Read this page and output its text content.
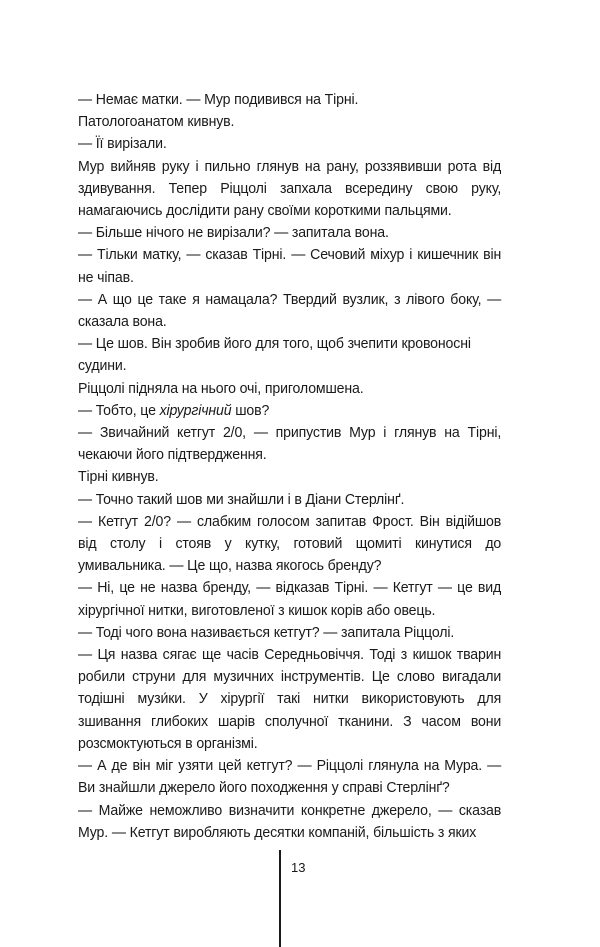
— Немає матки. — Мур подивився на Тірні.

Патологоанатом кивнув.

— Її вирізали.

Мур вийняв руку і пильно глянув на рану, роззявивши рота від здивування. Тепер Ріццолі запхала всередину свою руку, намагаючись дослідити рану своїми короткими пальцями.

— Більше нічого не вирізали? — запитала вона.

— Тільки матку, — сказав Тірні. — Сечовий міхур і кишечник він не чіпав.

— А що це таке я намацала? Твердий вузлик, з лівого боку, — сказала вона.

— Це шов. Він зробив його для того, щоб зчепити кровоносні судини.

Ріццолі підняла на нього очі, приголомшена.

— Тобто, це хірургічний шов?

— Звичайний кетгут 2/0, — припустив Мур і глянув на Тірні, чекаючи його підтвердження.

Тірні кивнув.

— Точно такий шов ми знайшли і в Діани Стерлінґ.

— Кетгут 2/0? — слабким голосом запитав Фрост. Він відійшов від столу і стояв у кутку, готовий щомиті кинутися до умивальника. — Це що, назва якогось бренду?

— Ні, це не назва бренду, — відказав Тірні. — Кетгут — це вид хірургічної нитки, виготовленої з кишок корів або овець.

— Тоді чого вона називається кетгут? — запитала Ріццолі.

— Ця назва сягає ще часів Середньовіччя. Тоді з кишок тварин робили струни для музичних інструментів. Це слово вигадали тодішні музи́ки. У хірургії такі нитки використовують для зшивання глибоких шарів сполучної тканини. З часом вони розсмоктуються в організмі.

— А де він міг узяти цей кетгут? — Ріццолі глянула на Мура. — Ви знайшли джерело його походження у справі Стерлінґ?

— Майже неможливо визначити конкретне джерело, — сказав Мур. — Кетгут виробляють десятки компаній, більшість з яких

13
